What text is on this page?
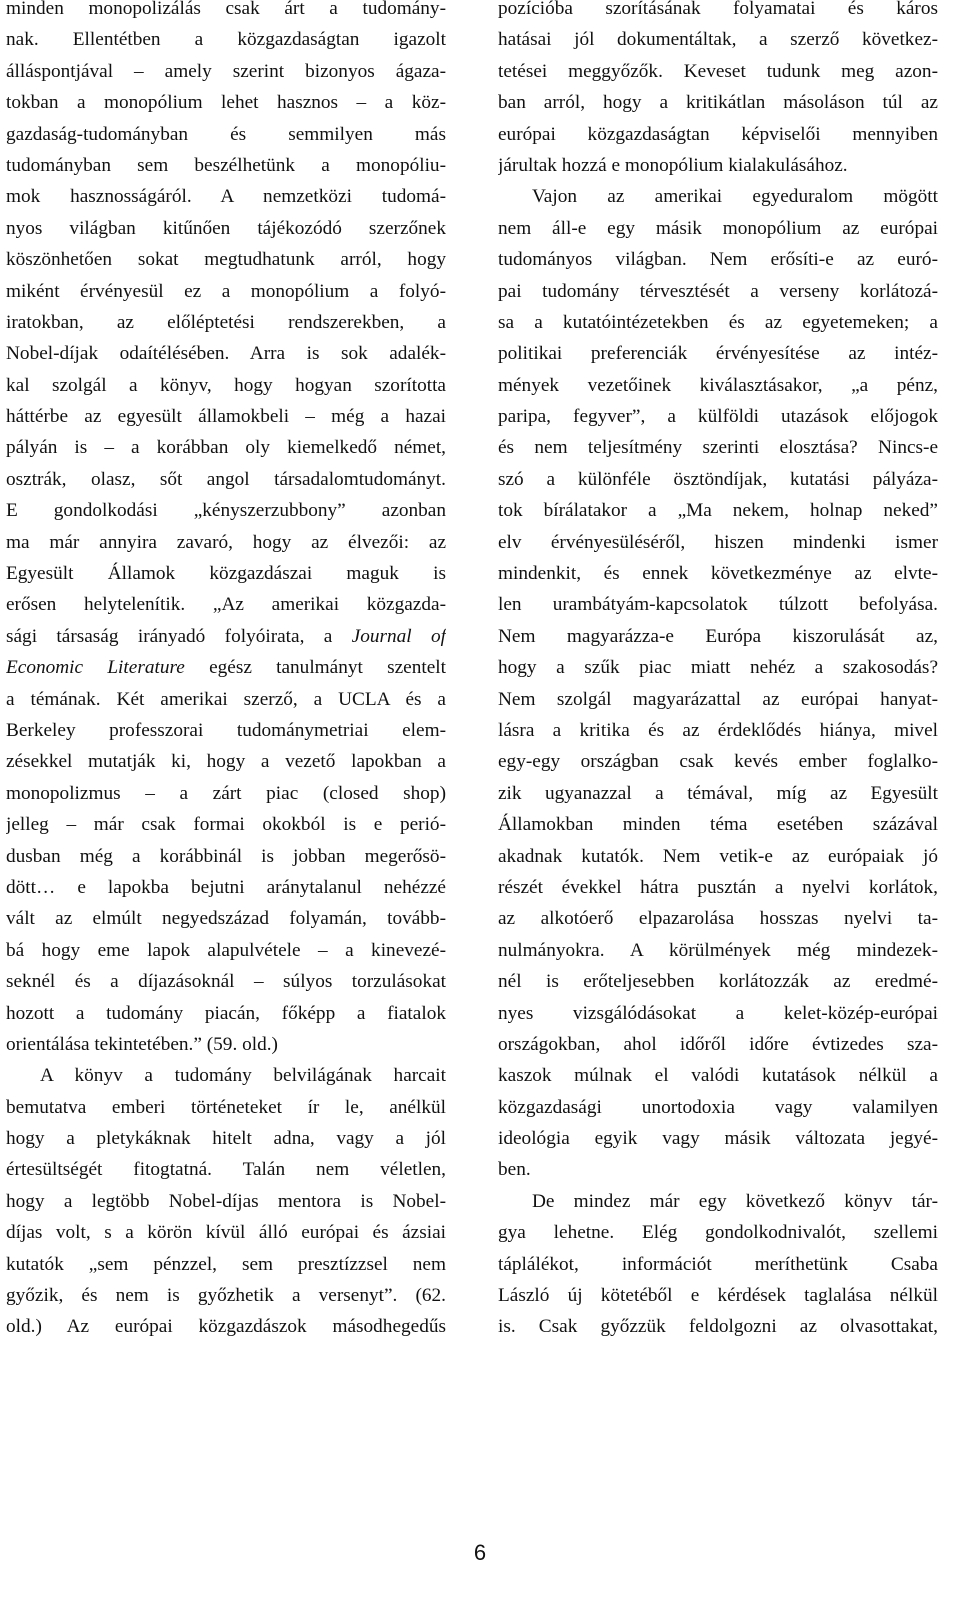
minden monopolizálás csak árt a tudomány-
nak. Ellentétben a közgazdaságtan igazolt
álláspontjával – amely szerint bizonyos ágaza-
tokban a monopólium lehet hasznos – a köz-
gazdaság-tudományban és semmilyen más
tudományban sem beszélhetünk a monopóliu-
mok hasznosságáról. A nemzetközi tudomá-
nyos világban kitűnően tájékozódó szerzőnek
köszönhetően sokat megtudhatunk arról, hogy
miként érvényesül ez a monopólium a folyó-
iratokban, az előléptetési rendszerekben, a
Nobel-díjak odaítélésében. Arra is sok adalék-
kal szolgál a könyv, hogy hogyan szorította
háttérbe az egyesült államokbeli – még a hazai
pályán is – a korábban oly kiemelkedő német,
osztrák, olasz, sőt angol társadalomtudományt.
E gondolkodási „kényszerzubbony” azonban
ma már annyira zavaró, hogy az élvezői: az
Egyesült Államok közgazdászai maguk is
erősen helytelenítik. „Az amerikai közgazda-
sági társaság irányadó folyóirata, a Journal of
Economic Literature egész tanulmányt szentelt
a témának. Két amerikai szerző, a UCLA és a
Berkeley professzorai tudománymetriai elem-
zésekkel mutatják ki, hogy a vezető lapokban a
monopolizmus – a zárt piac (closed shop)
jelleg – már csak formai okokból is e perió-
dusban még a korábbinál is jobban megerősö-
dött… e lapokba bejutni aránytalanul nehézzé
vált az elmúlt negyedszázad folyamán, tovább-
bá hogy eme lapok alapulvétele – a kinevezé-
seknél és a díjazásoknál – súlyos torzulásokat
hozott a tudomány piacán, főképp a fiatalok
orientálása tekintetében.” (59. old.)
A könyv a tudomány belvilágának harcait
bemutatva emberi történeteket ír le, anélkül
hogy a pletykáknak hitelt adna, vagy a jól
értesültségét fitogtatná. Talán nem véletlen,
hogy a legtöbb Nobel-díjas mentora is Nobel-
díjas volt, s a körön kívül álló európai és ázsiai
kutatók „sem pénzzel, sem presztízzsel nem
győzik, és nem is győzhetik a versenyt”. (62.
old.) Az európai közgazdászok másodhegedűs
pozícióba szorításának folyamatai és káros
hatásai jól dokumentáltak, a szerző következ-
tetései meggyőzők. Keveset tudunk meg azon-
ban arról, hogy a kritikátlan másoláson túl az
európai közgazdaságtan képviselői mennyiben
járultak hozzá e monopólium kialakulásához.
Vajon az amerikai egyeduralom mögött
nem áll-e egy másik monopólium az európai
tudományos világban. Nem erősíti-e az euró-
pai tudomány térvesztését a verseny korlátozá-
sa a kutatóintézetekben és az egyetemeken; a
politikai preferenciák érvényesítése az intéz-
mények vezetőinek kiválasztásakor, „a pénz,
paripa, fegyver”, a külföldi utazások előjogok
és nem teljesítmény szerinti elosztása? Nincs-e
szó a különféle ösztöndíjak, kutatási pályáza-
tok bírálatakor a „Ma nekem, holnap neked”
elv érvényesüléséről, hiszen mindenki ismer
mindenkit, és ennek következménye az elvte-
len urambátyám-kapcsolatok túlzott befolyása.
Nem magyarázza-e Európa kiszorulását az,
hogy a szűk piac miatt nehéz a szakosodás?
Nem szolgál magyarázattal az európai hanyat-
lásra a kritika és az érdeklődés hiánya, mivel
egy-egy országban csak kevés ember foglalko-
zik ugyanazzal a témával, míg az Egyesült
Államokban minden téma esetében százával
akadnak kutatók. Nem vetik-e az európaiak jó
részét évekkel hátra pusztán a nyelvi korlátok,
az alkotóerő elpazarolása hosszas nyelvi ta-
nulmányokra. A körülmények még mindezek-
nél is erőteljesebben korlátozzák az eredmé-
nyes vizsgálódásokat a kelet-közép-európai
országokban, ahol időről időre évtizedes sza-
kaszok múlnak el valódi kutatások nélkül a
közgazdasági unortodoxia vagy valamilyen
ideológia egyik vagy másik változata jegyé-
ben.
De mindez már egy következő könyv tár-
gya lehetne. Elég gondolkodnivalót, szellemi
táplálékot, információt meríthetünk Csaba
László új kötetéből e kérdések taglalása nélkül
is. Csak győzzük feldolgozni az olvasottakat,
6
